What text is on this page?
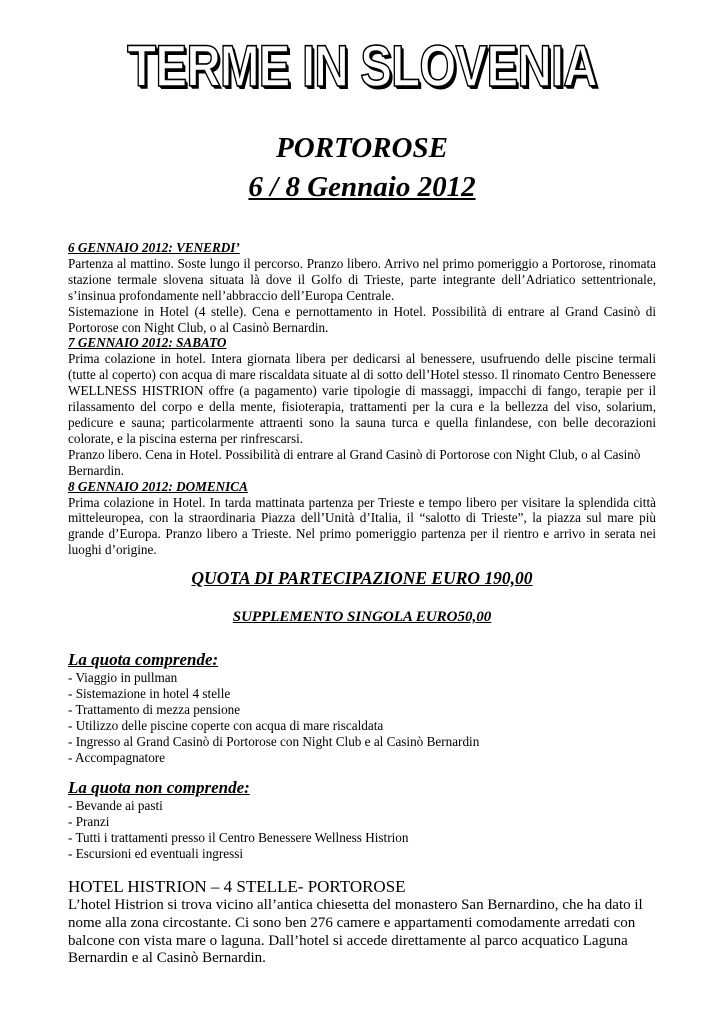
TERME IN SLOVENIA
PORTOROSE
6 / 8 Gennaio 2012
6 GENNAIO 2012: VENERDI’

Partenza al mattino. Soste lungo il percorso. Pranzo libero. Arrivo nel primo pomeriggio a Portorose, rinomata stazione termale slovena situata là dove il Golfo di Trieste, parte integrante dell’Adriatico settentrionale, s’insinua profondamente nell’abbraccio dell’Europa Centrale.

Sistemazione in Hotel (4 stelle). Cena e pernottamento in Hotel. Possibilità di entrare al Grand Casinò di Portorose con Night Club, o al Casinò Bernardin.

7 GENNAIO 2012: SABATO

Prima colazione in hotel. Intera giornata libera per dedicarsi al benessere, usufruendo delle piscine termali (tutte al coperto) con acqua di mare riscaldata situate al di sotto dell’Hotel stesso. Il rinomato Centro Benessere WELLNESS HISTRION offre (a pagamento) varie tipologie di massaggi, impacchi di fango, terapie per il rilassamento del corpo e della mente, fisioterapia, trattamenti per la cura e la bellezza del viso, solarium, pedicure e sauna; particolarmente attraenti sono la sauna turca e quella finlandese, con belle decorazioni colorate, e la piscina esterna per rinfrescarsi.

Pranzo libero. Cena in Hotel. Possibilità di entrare al Grand Casinò di Portorose con Night Club, o al Casinò Bernardin.

8 GENNAIO 2012: DOMENICA

Prima colazione in Hotel. In tarda mattinata partenza per Trieste e tempo libero per visitare la splendida città mitteleuropea, con la straordinaria Piazza dell’Unità d’Italia, il “salotto di Trieste”, la piazza sul mare più grande d’Europa. Pranzo libero a Trieste. Nel primo pomeriggio partenza per il rientro e arrivo in serata nei luoghi d’origine.

QUOTA DI PARTECIPAZIONE EURO 190,00
SUPPLEMENTO SINGOLA EURO50,00
La quota comprende:
- Viaggio in pullman
- Sistemazione in hotel 4 stelle
- Trattamento di mezza pensione
- Utilizzo delle piscine coperte con acqua di mare riscaldata
- Ingresso al Grand Casinò di Portorose con Night Club e al Casinò Bernardin
- Accompagnatore
La quota non comprende:
- Bevande ai pasti
- Pranzi
- Tutti i trattamenti presso il Centro Benessere Wellness Histrion
- Escursioni ed eventuali ingressi
HOTEL HISTRION – 4 STELLE- PORTOROSE
L’hotel Histrion si trova vicino all’antica chiesetta del monastero San Bernardino, che ha dato il nome alla zona circostante. Ci sono ben 276 camere e appartamenti comodamente arredati con balcone con vista mare o laguna. Dall’hotel si accede direttamente al parco acquatico Laguna Bernardin e al Casinò Bernardin.
